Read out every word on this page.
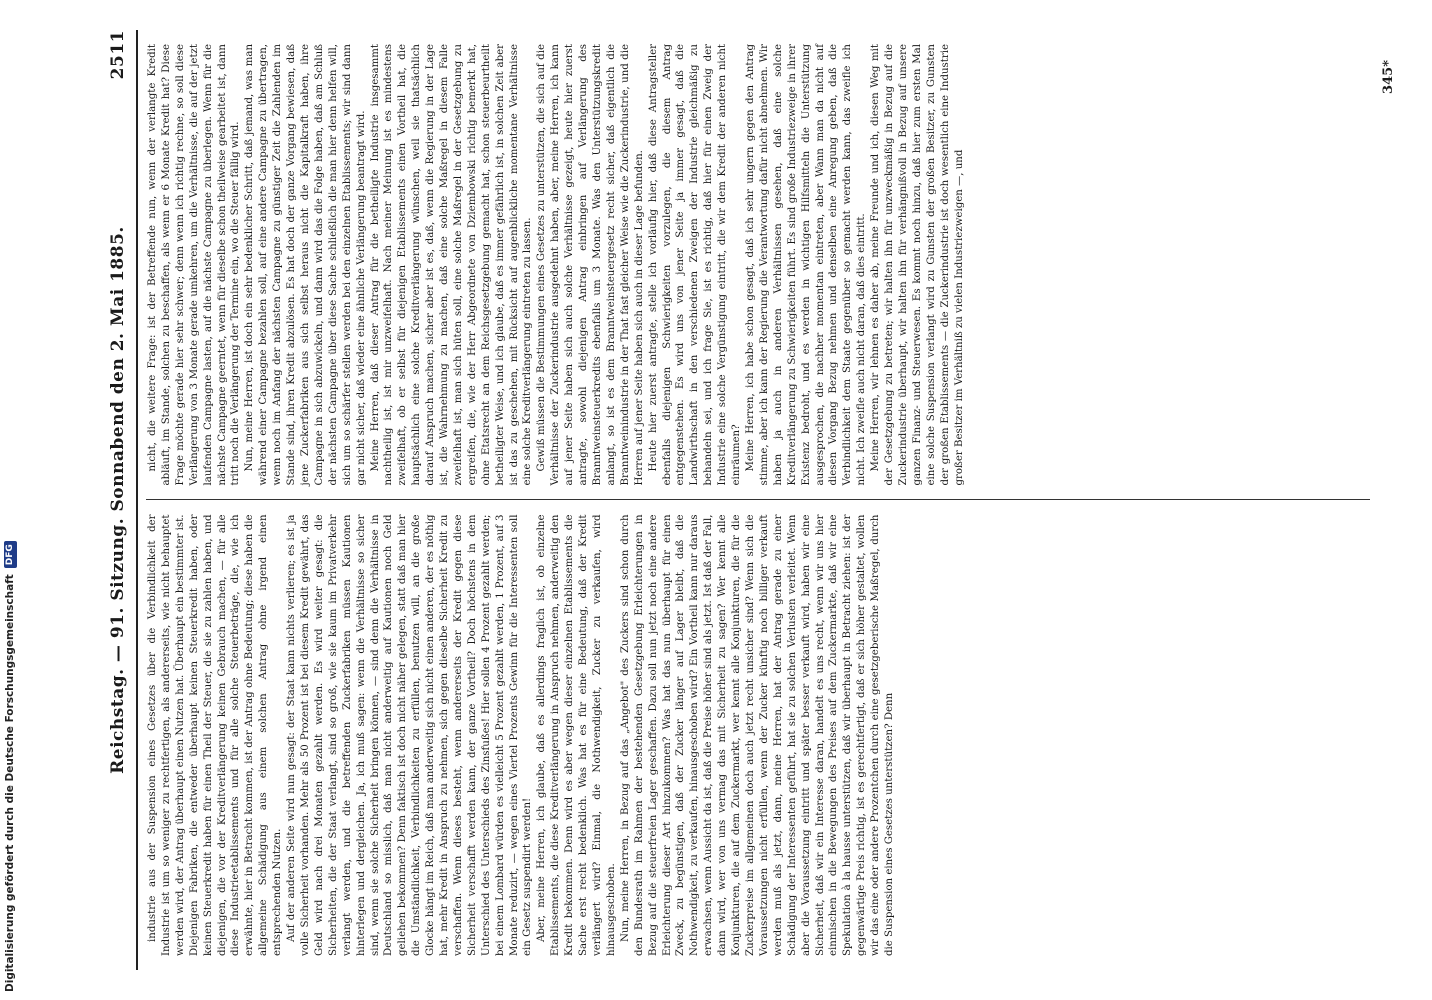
Digitalisierung gefördert durch die Deutsche Forschungsgemeinschaft
DFG	Reichstag. — 91. Sitzung. Sonnabend den 2. Mai 1885.
2511

industrie aus der Suspension eines Gesetzes über die Verbindlichkeit der Industrie ist um so weniger zu rechtfertigen, als andererseits, wie nicht behauptet werden wird, der Antrag überhaupt einen Nutzen hat. Überhaupt ein bestimmter ist. Diejenigen Fabriken, die entweder überhaupt keinen Steuerkredit haben, oder keinen Steuerkredit haben für einen Theil der Steuer, die sie zu zahlen haben, und diejenigen, die vor der Kreditverlängerung keinen Gebrauch machen, — für alle diese Industrieetablissements und für alle solche Steuerbeträge, die, wie ich erwähnte, hier in Betracht kommen, ist der Antrag ohne Bedeutung; diese haben die allgemeine Schädigung aus einem solchen Antrag ohne irgend einen entsprechenden Nutzen. Auf der anderen Seite wird nun gesagt: der Staat kann nichts verlieren; es ist ja volle Sicherheit vorhanden. Mehr als 50 Prozent ist bei diesem Kredit gewährt, das Geld wird nach drei Monaten gezahlt werden. Es wird weiter gesagt: die Sicherheiten, die der Staat verlangt, sind so groß, wie sie kaum im Privatverkehr verlangt werden, und die betreffenden Zuckerfabriken müssen Kautionen hinterlegen und dergleichen. Ja, ich muß sagen: wenn die Verhältnisse so sicher sind, wenn sie solche Sicherheit bringen können, — sind denn die Verhältnisse in Deutschland so misslich, daß man nicht anderweitig auf Kautionen noch Geld geliehen bekommen? Denn faktisch ist doch nicht näher gelegen, statt daß man hier die Umständlichkeit, Verbindlichkeiten zu erfüllen, benutzen will, an die große Glocke hängt im Reich, daß man anderweitig sich nicht einen anderen, der es nöthig hat, mehr Kredit in Anspruch zu nehmen, sich gegen dieselbe Sicherheit Kredit zu verschaffen. Wenn dieses besteht, wenn andererseits der Kredit gegen diese Sicherheit verschafft werden kann, der ganze Vortheil? Doch höchstens in dem Unterschied des Unterschieds des Zinsfußes! Hier sollen 4 Prozent gezahlt werden; bei einem Lombard würden es vielleicht 5 Prozent gezahlt werden, 1 Prozent, auf 3 Monate reduzirt, — wegen eines Viertel Prozents Gewinn für die Interessenten soll ein Gesetz suspendirt werden! Aber, meine Herren, ich glaube, daß es allerdings fraglich ist, ob einzelne Etablissements, die diese Kreditverlängerung in Anspruch nehmen, anderweitig den Kredit bekommen. Denn wird es aber wegen dieser einzelnen Etablissements die Sache erst recht bedenklich. Was hat es für eine Bedeutung, daß der Kredit verlängert wird? Einmal, die Nothwendigkeit, Zucker zu verkaufen, wird hinausgeschoben. Nun, meine Herren, in Bezug auf das „Angebot" des Zuckers sind schon durch den Bundesrath im Rahmen der bestehenden Gesetzgebung Erleichterungen in Bezug auf die steuerfreien Lager geschaffen. Dazu soll nun jetzt noch eine andere Erleichterung dieser Art hinzukommen? Was hat das nun überhaupt für einen Zweck, zu begünstigen, daß der Zucker länger auf Lager bleibt, daß die Nothwendigkeit, zu verkaufen, hinausgeschoben wird? Ein Vortheil kann nur daraus erwachsen, wenn Aussicht da ist, daß die Preise höher sind als jetzt. Ist daß der Fall, dann wird, wer von uns vermag das mit Sicherheit zu sagen? Wer kennt alle Konjunkturen, die auf dem Zuckermarkt, wer kennt alle Konjunkturen, die für die Zuckerpreise im allgemeinen doch auch jetzt recht unsicher sind? Wenn sich die Voraussetzungen nicht erfüllen, wenn der Zucker künftig noch billiger verkauft werden muß als jetzt, dann, meine Herren, hat der Antrag gerade zu einer Schädigung der Interessenten geführt, hat sie zu solchen Verlusten verleitet. Wenn aber die Voraussetzung eintritt und später besser verkauft wird, haben wir eine Sicherheit, daß wir ein Interesse daran, handelt es uns recht, wenn wir uns hier einmischen in die Bewegungen des Preises auf dem Zuckermarkte, daß wir eine Spekulation à la hausse unterstützen, daß wir überhaupt in Betracht ziehen: ist der gegenwärtige Preis richtig, ist es gerechtfertigt, daß er sich höher gestaltet, wollen wir das eine oder andere Prozentchen durch eine gesetzgeberische Maßregel, durch die Suspension eines Gesetzes unterstützen? Denn

nicht, die weitere Frage: ist der Betreffende nun, wenn der verlangte Kredit abläuft, im Stande, solchen zu beschaffen, als wenn er 6 Monate Kredit hat? Diese Frage möchte gerade hier sehr schwer; denn wenn ich richtig rechne, so soll diese Verlängerung von 3 Monate gerade umkehren, um die Verhältnisse, die auf der jetzt laufenden Campagne lasten, auf die nächste Campagne zu überlegen. Wenn für die nächste Campagne geerntet, wenn für dieselbe schon theilweise gearbeitet ist, dann tritt noch die Verlängerung der Termine ein, wo die Steuer fällig wird. Nun, meine Herren, ist doch ein sehr bedenklicher Schritt, daß jemand, was man während einer Campagne bezahlen soll, auf eine andere Campagne zu übertragen, wenn noch im Anfang der nächsten Campagne zu günstiger Zeit die Zahlenden im Stande sind, ihren Kredit abzulösen. Es hat doch der ganze Vorgang bewiesen, daß jene Zuckerfabriken aus sich selbst heraus nicht die Kapitalkraft haben, ihre Campagne in sich abzuwickeln, und dann wird das die Folge haben, daß am Schluß der nächsten Campagne über diese Sache schließlich die man hier denn helfen will, sich um so schärfer stellen werden bei den einzelnen Etablissements; wir sind dann gar nicht sicher, daß wieder eine ähnliche Verlängerung beantragt wird. Meine Herren, daß dieser Antrag für die betheiligte Industrie insgesammt nachtheilig ist, ist mir unzweifelhaft. Nach meiner Meinung ist es mindestens zweifelhaft, ob er selbst für diejenigen Etablissements einen Vortheil hat, die hauptsächlich eine solche Kreditverlängerung wünschen, weil sie thatsächlich darauf Anspruch machen, sicher aber ist es, daß, wenn die Regierung in der Lage ist, die Wahrnehmung zu machen, daß eine solche Maßregel in diesem Falle zweifelhaft ist, man sich hüten soll, eine solche Maßregel in der Gesetzgebung zu ergreifen, die, wie der Herr Abgeordnete von Dziembowski richtig bemerkt hat, ohne Etatsrecht an dem Reichsgesetzgebung gemacht hat, schon steuerbeurtheilt betheiligter Weise, und ich glaube, daß es immer gefährlich ist, in solchen Zeit aber ist das zu geschehen, mit Rücksicht auf augenblickliche momentane Verhältnisse eine solche Kreditverlängerung eintreten zu lassen. Gewiß müssen die Bestimmungen eines Gesetzes zu unterstützen, die sich auf die Verhältnisse der Zuckerindustrie ausgedehnt haben, aber, meine Herren, ich kann auf jener Seite haben sich auch solche Verhältnisse gezeigt, heute hier zuerst antragte, sowohl diejenigen Antrag einbringen auf Verlängerung des Branntweinsteuerkredits ebenfalls um 3 Monate. Was den Unterstützungskredit anlangt, so ist es dem Branntweinsteuergesetz recht sicher, daß eigentlich die Branntweinindustrie in der That fast gleicher Weise wie die Zuckerindustrie, und die Herren auf jener Seite haben sich auch in dieser Lage befunden. Heute hier zuerst antragte, stelle ich vorläufig hier, daß diese Antragsteller ebenfalls diejenigen Schwierigkeiten vorzulegen, die diesem Antrag entgegenstehen. Es wird uns von jener Seite ja immer gesagt, daß die Landwirthschaft in den verschiedenen Zweigen der Industrie gleichmäßig zu behandeln sei, und ich frage Sie, ist es richtig, daß hier für einen Zweig der Industrie eine solche Vergünstigung eintritt, die wir dem Kredit der anderen nicht einräumen? Meine Herren, ich habe schon gesagt, daß ich sehr ungern gegen den Antrag stimme, aber ich kann der Regierung die Verantwortung dafür nicht abnehmen. Wir haben ja auch in anderen Verhältnissen gesehen, daß eine solche Kreditverlängerung zu Schwierigkeiten führt. Es sind große Industriezweige in ihrer Existenz bedroht, und es werden in wichtigen Hilfsmitteln die Unterstützung ausgesprochen, die nachher momentan eintreten, aber Wann man da nicht auf diesen Vorgang Bezug nehmen und denselben eine Anregung geben, daß die Verbindlichkeit dem Staate gegenüber so gemacht werden kann, das zweifle ich nicht. Ich zweifle auch nicht daran, daß dies eintritt. Meine Herren, wir lehnen es daher ab, meine Freunde und ich, diesen Weg mit der Gesetzgebung zu betreten; wir halten ihn für unzweckmäßig in Bezug auf die Zuckerindustrie überhaupt, wir halten ihn für verhängnißvoll in Bezug auf unsere ganzen Finanz- und Steuerwesen. Es kommt noch hinzu, daß hier zum ersten Mal eine solche Suspension verlangt wird zu Gunsten der großen Besitzer, zu Gunsten der großen Etablissements — die Zuckerindustrie ist doch wesentlich eine Industrie großer Besitzer im Verhältniß zu vielen Industriezweigen —, und

345*
